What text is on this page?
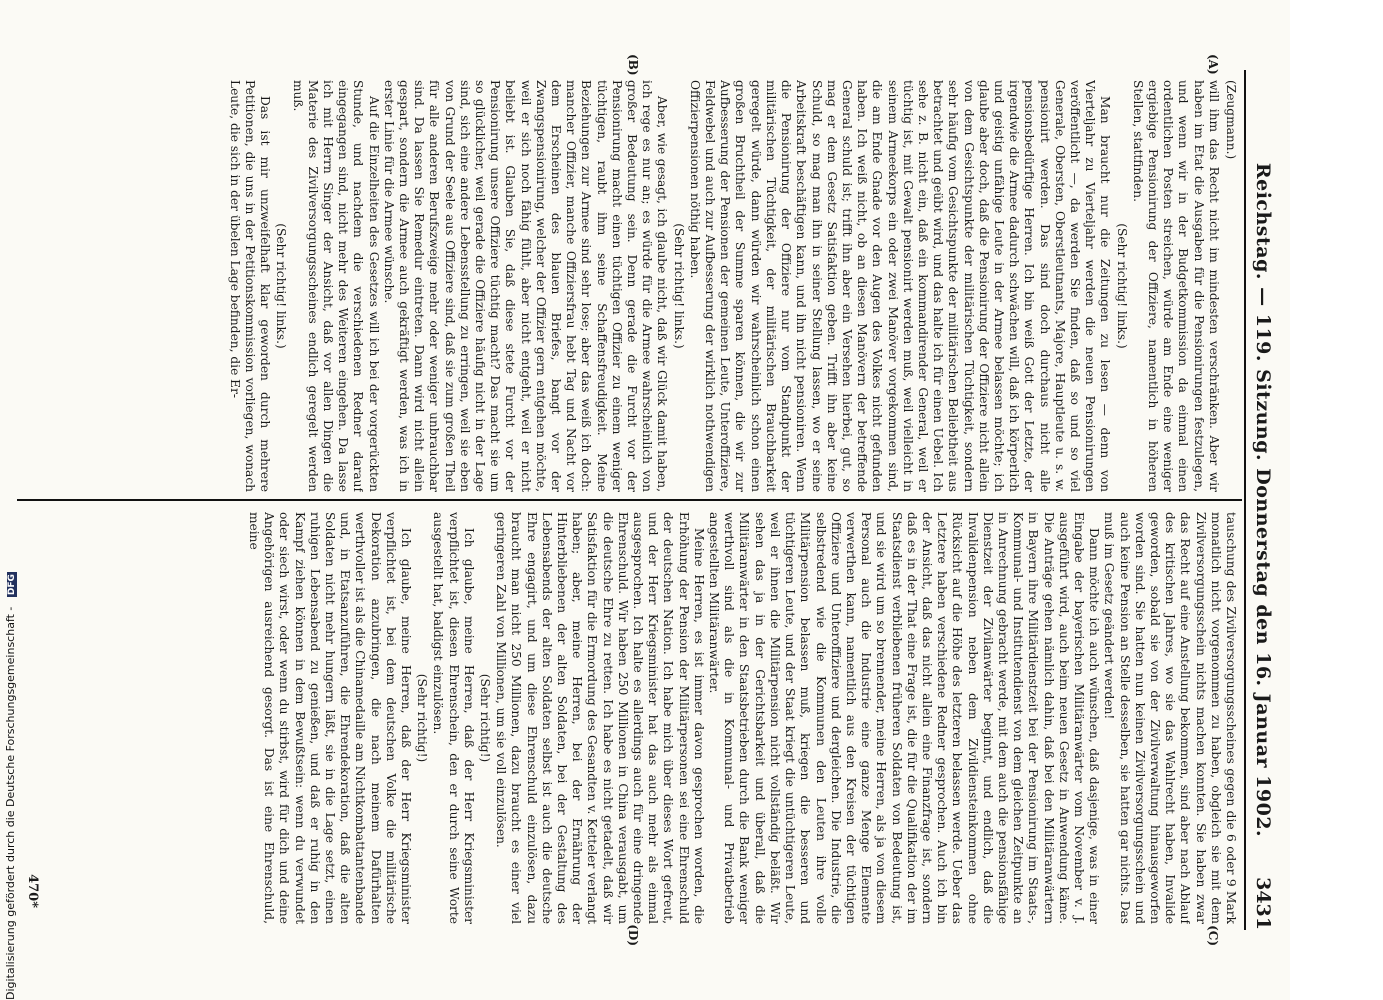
Reichstag. — 119. Sitzung. Donnerstag den 16. Januar 1902.
3431
(A)
(B)
(C)
(D)

(Zeugmann.)

will ihm das Recht nicht im mindesten verschränken. Aber wir haben im Etat die Ausgaben für die Pensionirungen festzulegen, und wenn wir in der Budgetkommission da einmal einen ordentlichen Posten streichen, würde am Ende eine weniger ergiebige Pensionirung der Offiziere, namentlich in höheren Stellen, stattfinden.

(Sehr richtig! links.)

Man braucht nur die Zeitungen zu lesen — denn von Vierteljahr zu Vierteljahr werden die neuen Pensionirungen veröffentlicht —, da werden Sie finden, daß so und so viel Generale, Obersten, Oberstleutnants, Majore, Hauptleute u. s. w. pensionirt werden. Das sind doch durchaus nicht alle pensionsbedürftige Herren. Ich bin weiß Gott der Letzte, der irgendwie die Armee dadurch schwächen will, daß ich körperlich und geistig unfähige Leute in der Armee belassen möchte; ich glaube aber doch, daß die Pensionirung der Offiziere nicht allein von dem Gesichtspunkte der militärischen Tüchtigkeit, sondern sehr häufig vom Gesichtspunkte der militärischen Beliebtheit aus betrachtet und geübt wird, und das halte ich für einen Uebel. Ich sehe z. B. nicht ein, daß ein kommandirender General, weil er tüchtig ist, mit Gewalt pensionirt werden muß, weil vielleicht in seinem Armeekorps ein oder zwei Manöver vorgekommen sind, die am Ende Gnade vor den Augen des Volkes nicht gefunden haben. Ich weiß nicht, ob an diesen Manövern der betreffende General schuld ist; trifft ihn aber ein Versehen hierbei, gut, so mag er dem Gesetz Satisfaktion geben. Trifft ihn aber keine Schuld, so mag man ihn in seiner Stellung lassen, wo er seine Arbeitskraft beschäftigen kann, und ihn nicht pensioniren. Wenn die Pensionirung der Offiziere nur vom Standpunkt der militärischen Tüchtigkeit, der militärischen Brauchbarkeit geregelt würde, dann würden wir wahrscheinlich schon einen großen Bruchtheil der Summe sparen können, die wir zur Aufbesserung der Pensionen der gemeinen Leute, Unteroffiziere, Feldwebel und auch zur Aufbesserung der wirklich nothwendigen Offizierpensionen nöthig haben.

(Sehr richtig! links.)

Aber, wie gesagt, ich glaube nicht, daß wir Glück damit haben, ich rege es nur an; es würde für die Armee wahrscheinlich von großer Bedeutung sein. Denn gerade die Furcht vor der Pensionirung macht einen tüchtigen Offizier zu einem weniger tüchtigen, raubt ihm seine Schaffensfreudigkeit. Meine Beziehungen zur Armee sind sehr lose; aber das weiß ich doch: mancher Offizier, manche Offiziersfrau hebt Tag und Nacht vor dem Erscheinen des blauen Briefes, bangt vor der Zwangspensionirung, welcher der Offizier gern entgehen möchte, weil er sich noch fähig fühlt, aber nicht entgeht, weil er nicht beliebt ist. Glauben Sie, daß diese stete Furcht vor der Pensionirung unsere Offiziere tüchtig macht? Das macht sie um so glücklicher, weil gerade die Offiziere häufig nicht in der Lage sind, sich eine andere Lebensstellung zu erringen, weil sie eben von Grund der Seele aus Offiziere sind, daß sie zum großen Theil für alle anderen Berufszweige mehr oder weniger unbrauchbar sind. Da lassen Sie Remedur eintreten. Dann wird nicht allein gespart, sondern die Armee auch gekräftigt werden, was ich in erster Linie für die Armee wünsche.

Auf die Einzelheiten des Gesetzes will ich bei der vorgerückten Stunde, und nachdem die verschiedenen Redner darauf eingegangen sind, nicht mehr des Weiteren eingehen. Da lasse ich mit Herrn Singer der Ansicht, daß vor allen Dingen die Materie des Zivilversorgungsscheines endlich geregelt werden muß.

(Sehr richtig! links.)

Das ist mir unzweifelhaft klar geworden durch mehrere Petitionen, die uns in der Petitionskommission vorliegen, wonach Leute, die sich in der übelen Lage befinden, die Er-

tauschung des Zivilversorgungsscheines gegen die 6 oder 9 Mark monatlich nicht vorgenommen zu haben, obgleich sie mit dem Zivilversorgungsschein nichts machen konnten. Sie haben zwar das Recht auf eine Anstellung bekommen, sind aber nach Ablauf des kritischen Jahres, wo sie das Wahlrecht haben, Invalide geworden, sobald sie von der Zivilverwaltung hinausgeworfen worden sind. Sie hatten nun keinen Zivilversorgungsschein und auch keine Pension an Stelle desselben, sie hatten gar nichts. Das muß im Gesetz geändert werden!

Dann möchte ich auch wünschen, daß dasjenige, was in einer Eingabe der bayerischen Militäranwärter vom November v. J. ausgeführt wird, auch beim neuen Gesetz in Anwendung käme. Die Anträge gehen nämlich dahin, daß bei den Militäranwärtern in Bayern ihre Militärdienstzeit bei der Pensionirung im Staats-, Kommunal- und Institutendienst von dem gleichen Zeitpunkte an in Anrechnung gebracht werde, mit dem auch die pensionsfähige Dienstzeit der Zivilanwärter beginnt, und endlich, daß die Invalidenpension neben dem Zivildiensteinkommen ohne Rücksicht auf die Höhe des letzteren belassen werde. Ueber das Letztere haben verschiedene Redner gesprochen. Auch ich bin der Ansicht, daß das nicht allein eine Finanzfrage ist, sondern daß es in der That eine Frage ist, die für die Qualifikation der im Staatsdienst verbliebenen früheren Soldaten von Bedeutung ist, und sie wird um so brennender, meine Herren, als ja von diesem Personal auch die Industrie eine ganze Menge Elemente verwerthen kann, namentlich aus den Kreisen der tüchtigen Offiziere und Unteroffiziere und dergleichen. Die Industrie, die selbstredend wie die Kommunen den Leuten ihre volle Militärpension belassen muß, kriegen die besseren und tüchtigeren Leute, und der Staat kriegt die untüchtigeren Leute, weil er ihnen die Militärpension nicht vollständig beläßt. Wir sehen das ja in der Gerichtsbarkeit und überall, daß die Militäranwärter in den Staatsbetrieben durch die Bank weniger werthvoll sind als die in Kommunal- und Privatbetrieb angestellten Militäranwärter.

Meine Herren, es ist immer davon gesprochen worden, die Erhöhung der Pension der Militärpersonen sei eine Ehrenschuld der deutschen Nation. Ich habe mich über dieses Wort gefreut, und der Herr Kriegsminister hat das auch mehr als einmal ausgesprochen. Ich halte es allerdings auch für eine dringende Ehrenschuld. Wir haben 250 Millionen in China verausgabt, um die deutsche Ehre zu retten. Ich habe es nicht getadelt, daß wir Satisfaktion für die Ermordung des Gesandten v. Ketteler verlangt haben; aber, meine Herren, bei der Ernährung der Hinterbliebenen der alten Soldaten, bei der Gestaltung des Lebensabends der alten Soldaten selbst ist auch die deutsche Ehre engagirt, und um diese Ehrenschuld einzulösen, dazu braucht man nicht 250 Millionen, dazu braucht es einer viel geringeren Zahl von Millionen, um sie voll einzulösen.

(Sehr richtig!)

Ich glaube, meine Herren, daß der Herr Kriegsminister verpflichtet ist, diesen Ehrenschein, den er durch seine Worte ausgestellt hat, baldigst einzulösen.

(Sehr richtig!)

Ich glaube, meine Herren, daß der Herr Kriegsminister verpflichtet ist, bei dem deutschen Volke die militärische Dekoration anzubringen, die nach meinem Dafürhalten werthvoller ist als die Chinamedaille am Nichtkombattantenbande und, in Etatsanzuführen, die Ehrendekoration, daß die alten Soldaten nicht mehr hungern läßt, sie in die Lage setzt, einen ruhigen Lebensabend zu genießen, und daß er ruhig in den Kampf ziehen können in dem Bewußtsein: wenn du verwundet oder siech wirst, oder wenn du stirbst, wird für dich und deine Angehörigen ausreichend gesorgt. Das ist eine Ehrenschuld, meine

470*
Digitalisierung gefördert durch die Deutsche Forschungsgemeinschaft - DFG
